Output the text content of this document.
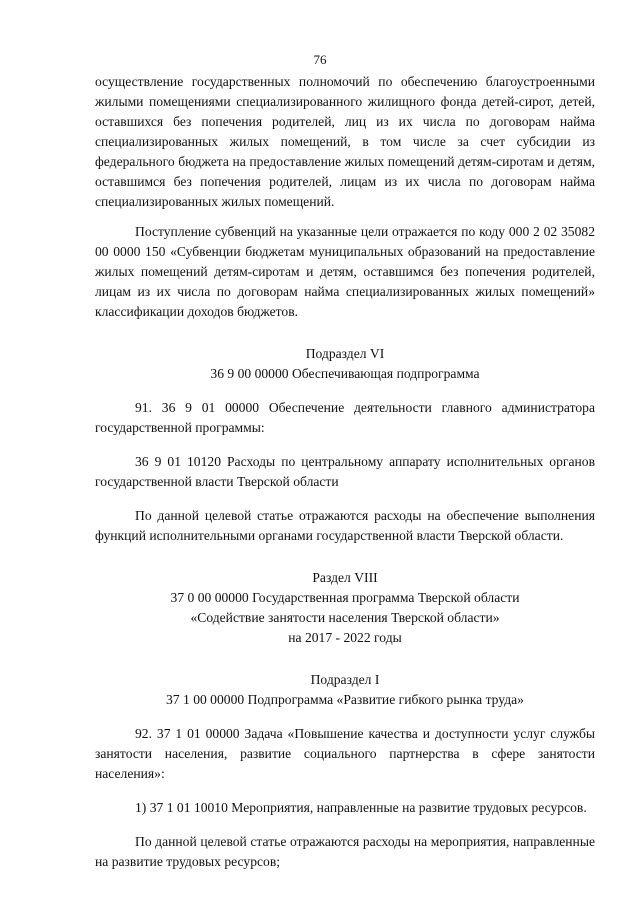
76

осуществление государственных полномочий по обеспечению благоустроенными жилыми помещениями специализированного жилищного фонда детей-сирот, детей, оставшихся без попечения родителей, лиц из их числа по договорам найма специализированных жилых помещений, в том числе за счет субсидии из федерального бюджета на предоставление жилых помещений детям-сиротам и детям, оставшимся без попечения родителей, лицам из их числа по договорам найма специализированных жилых помещений.

Поступление субвенций на указанные цели отражается по коду 000 2 02 35082 00 0000 150 «Субвенции бюджетам муниципальных образований на предоставление жилых помещений детям-сиротам и детям, оставшимся без попечения родителей, лицам из их числа по договорам найма специализированных жилых помещений» классификации доходов бюджетов.

Подраздел VI

36 9 00 00000 Обеспечивающая подпрограмма

91. 36 9 01 00000 Обеспечение деятельности главного администратора государственной программы:

36 9 01 10120 Расходы по центральному аппарату исполнительных органов государственной власти Тверской области

По данной целевой статье отражаются расходы на обеспечение выполнения функций исполнительными органами государственной власти Тверской области.

Раздел VIII

37 0 00 00000 Государственная программа Тверской области

«Содействие занятости населения Тверской области»

на 2017 - 2022 годы

Подраздел I

37 1 00 00000 Подпрограмма «Развитие гибкого рынка труда»

92. 37 1 01 00000 Задача «Повышение качества и доступности услуг службы занятости населения, развитие социального партнерства в сфере занятости населения»:

1) 37 1 01 10010 Мероприятия, направленные на развитие трудовых ресурсов.

По данной целевой статье отражаются расходы на мероприятия, направленные на развитие трудовых ресурсов;
